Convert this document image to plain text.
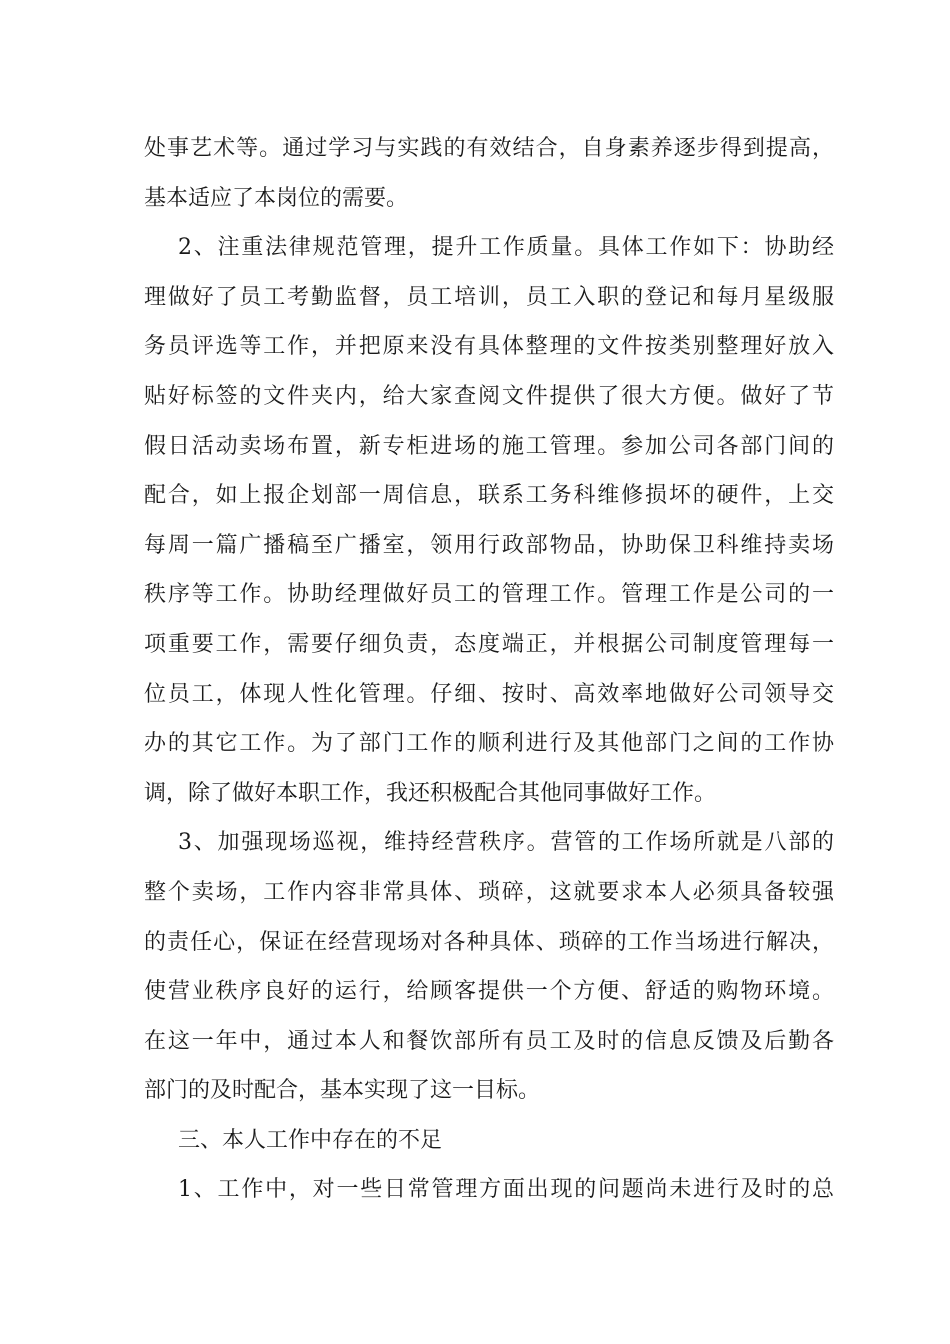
处事艺术等。通过学习与实践的有效结合，自身素养逐步得到提高，
基本适应了本岗位的需要。
2、注重法律规范管理，提升工作质量。具体工作如下：协助经
理做好了员工考勤监督，员工培训，员工入职的登记和每月星级服
务员评选等工作，并把原来没有具体整理的文件按类别整理好放入
贴好标签的文件夹内，给大家查阅文件提供了很大方便。做好了节
假日活动卖场布置，新专柜进场的施工管理。参加公司各部门间的
配合，如上报企划部一周信息，联系工务科维修损坏的硬件，上交
每周一篇广播稿至广播室，领用行政部物品，协助保卫科维持卖场
秩序等工作。协助经理做好员工的管理工作。管理工作是公司的一
项重要工作，需要仔细负责，态度端正，并根据公司制度管理每一
位员工，体现人性化管理。仔细、按时、高效率地做好公司领导交
办的其它工作。为了部门工作的顺利进行及其他部门之间的工作协
调，除了做好本职工作，我还积极配合其他同事做好工作。
3、加强现场巡视，维持经营秩序。营管的工作场所就是八部的
整个卖场，工作内容非常具体、琐碎，这就要求本人必须具备较强
的责任心，保证在经营现场对各种具体、琐碎的工作当场进行解决，
使营业秩序良好的运行，给顾客提供一个方便、舒适的购物环境。
在这一年中，通过本人和餐饮部所有员工及时的信息反馈及后勤各
部门的及时配合，基本实现了这一目标。
三、本人工作中存在的不足
1、工作中，对一些日常管理方面出现的问题尚未进行及时的总
